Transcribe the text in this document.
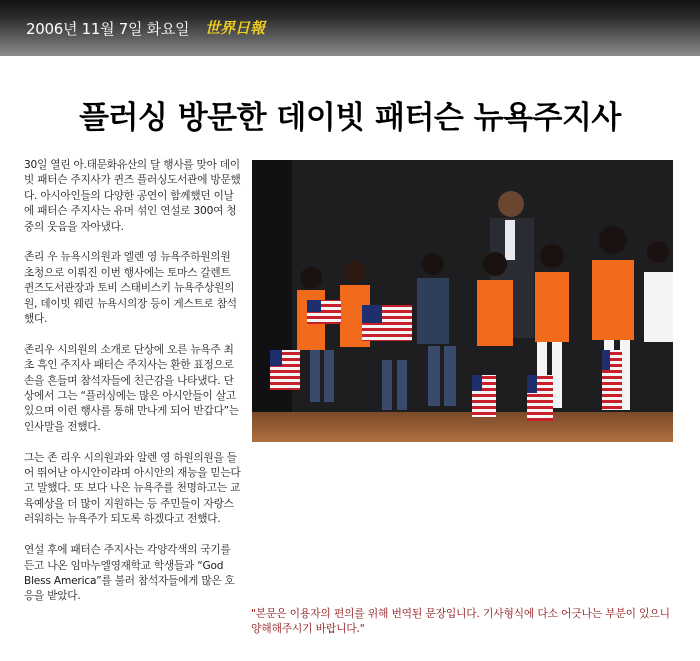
2006년 11월 7일 화요일 世界日報
플러싱 방문한 데이빗 패터슨 뉴욕주지사

30일 열린 아.태문화유산의 달 행사를 맞아 데이빗 패터슨 주지사가 퀸즈 플러싱도서관에 방문했다. 아시아인들의 다양한 공연이 함께했던 이날에 패터슨 주지사는 유머 섞인 연설로 300여 청중의 웃음을 자아냈다.

존리 우 뉴욕시의원과 엘렌 영 뉴욕주하원의원 초청으로 이뤄진 이번 행사에는 토마스 갈렌트 퀸즈도서관장과 토비 스태비스키 뉴욕주상원의원, 데이빗 웨린 뉴욕시의장 등이 게스트로 참석했다.

존리우 시의원의 소개로 단상에 오른 뉴욕주 최초 흑인 주지사 패터슨 주지사는 환한 표정으로 손을 흔들며 참석자들에 친근감을 나타냈다. 단상에서 그는 “플러싱에는 많은 아시안들이 살고 있으며 이런 행사를 통해 만나게 되어 반갑다”는 인사말을 전했다.

그는 존 리우 시의원과와 알렌 영 하원의원을 들어 뛰어난 아시안이라며 아시안의 재능을 믿는다고 말했다. 또 보다 나은 뉴욕주를 천명하고는 교육예상을 더 많이 지원하는 등 주민들이 자랑스러워하는 뉴욕주가 되도록 하겠다고 전했다.

연설 후에 패터슨 주지사는 각양각색의 국기를 든고 나온 임마누엘영재학교 학생들과 “God Bless America”를 불러 참석자들에게 많은 호응을 받았다.

"본문은 이용자의 편의를 위해 번역된 문장입니다. 기사형식에 다소 어긋나는 부분이 있으니 양해해주시기 바랍니다."
